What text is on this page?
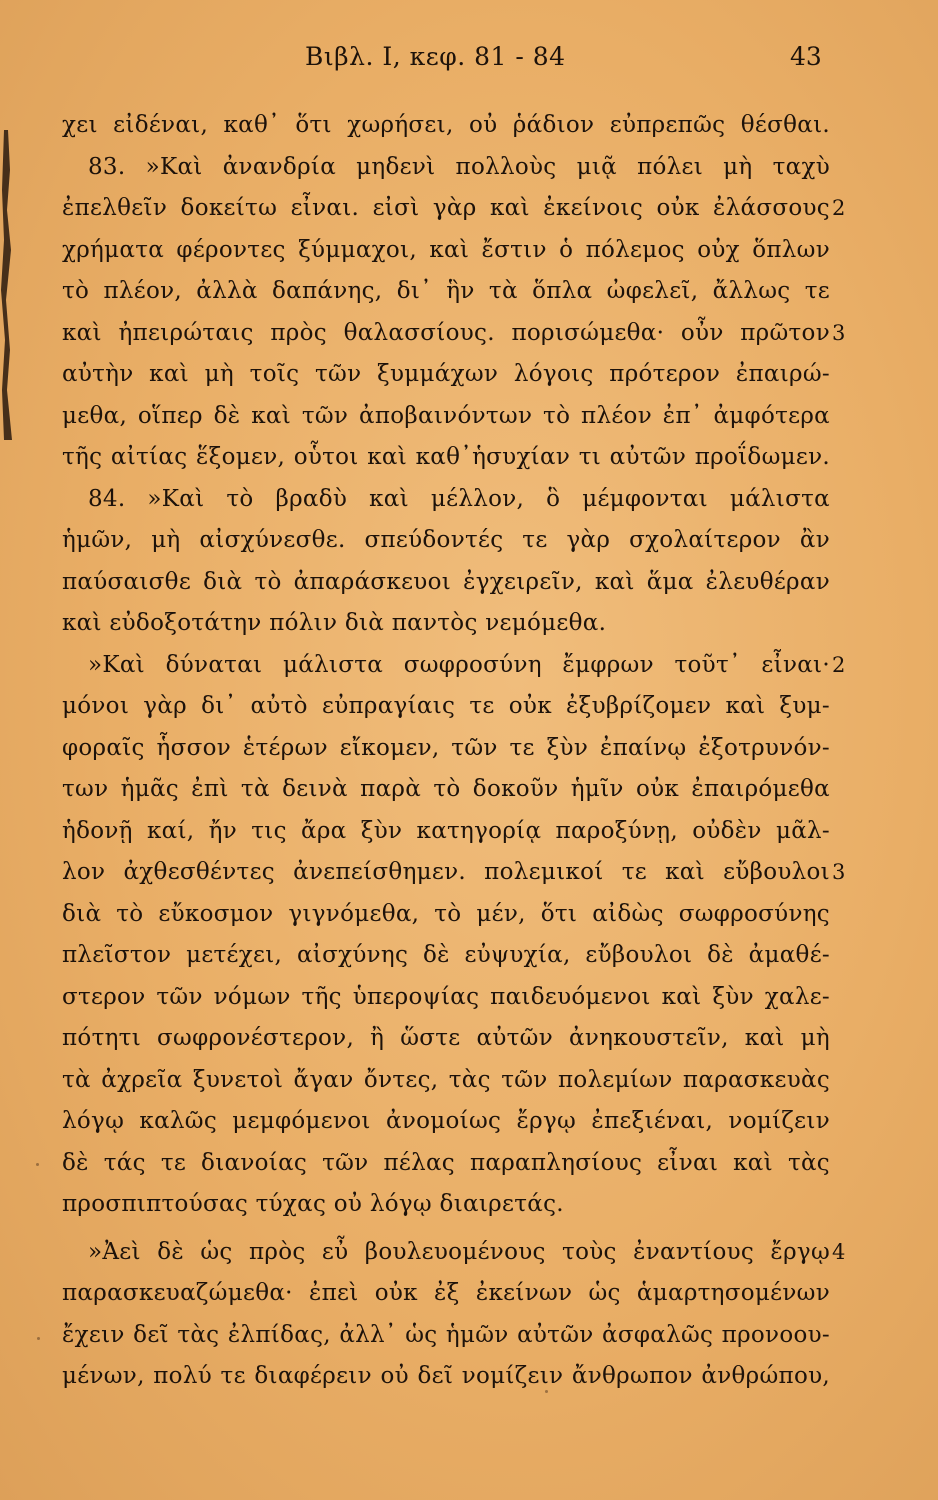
Βιβλ. Ι, κεφ. 81 - 84	43
χει εἰδέναι, καθ᾿ ὅτι χωρήσει, οὐ ῥάδιον εὐπρεπῶς θέσθαι.
83. »Καὶ ἀνανδρία μηδενὶ πολλοὺς μιᾷ πόλει μὴ ταχὺ
ἐπελθεῖν δοκείτω εἶναι. εἰσὶ γὰρ καὶ ἐκείνοις οὐκ ἐλάσσους
χρήματα φέροντες ξύμμαχοι, καὶ ἔστιν ὁ πόλεμος οὐχ ὅπλων
τὸ πλέον, ἀλλὰ δαπάνης, δι᾿ ἣν τὰ ὅπλα ὠφελεῖ, ἄλλως τε
καὶ ἠπειρώταις πρὸς θαλασσίους. πορισώμεθα· οὖν πρῶτον
αὐτὴν καὶ μὴ τοῖς τῶν ξυμμάχων λόγοις πρότερον ἐπαιρώ-
μεθα, οἵπερ δὲ καὶ τῶν ἀποβαινόντων τὸ πλέον ἐπ᾿ ἀμφότερα
τῆς αἰτίας ἕξομεν, οὗτοι καὶ καθ᾿ἡσυχίαν τι αὐτῶν προΐδωμεν.
84. »Καὶ τὸ βραδὺ καὶ μέλλον, ὃ μέμφονται μάλιστα
ἡμῶν, μὴ αἰσχύνεσθε. σπεύδοντές τε γὰρ σχολαίτερον ἂν
παύσαισθε διὰ τὸ ἀπαράσκευοι ἐγχειρεῖν, καὶ ἅμα ἐλευθέραν
καὶ εὐδοξοτάτην πόλιν διὰ παντὸς νεμόμεθα.
»Καὶ δύναται μάλιστα σωφροσύνη ἔμφρων τοῦτ᾿ εἶναι·
μόνοι γὰρ δι᾿ αὐτὸ εὐπραγίαις τε οὐκ ἐξυβρίζομεν καὶ ξυμ-
φοραῖς ἧσσον ἑτέρων εἴκομεν, τῶν τε ξὺν ἐπαίνῳ ἐξοτρυνόν-
των ἡμᾶς ἐπὶ τὰ δεινὰ παρὰ τὸ δοκοῦν ἡμῖν οὐκ ἐπαιρόμεθα
ἡδονῇ καί, ἤν τις ἄρα ξὺν κατηγορίᾳ παροξύνῃ, οὐδὲν μᾶλ-
λον ἀχθεσθέντες ἀνεπείσθημεν. πολεμικοί τε καὶ εὔβουλοι
διὰ τὸ εὔκοσμον γιγνόμεθα, τὸ μέν, ὅτι αἰδὼς σωφροσύνης
πλεῖστον μετέχει, αἰσχύνης δὲ εὐψυχία, εὔβουλοι δὲ ἀμαθέ-
στερον τῶν νόμων τῆς ὑπεροψίας παιδευόμενοι καὶ ξὺν χαλε-
πότητι σωφρονέστερον, ἢ ὥστε αὐτῶν ἀνηκουστεῖν, καὶ μὴ
τὰ ἀχρεῖα ξυνετοὶ ἄγαν ὄντες, τὰς τῶν πολεμίων παρασκευὰς
λόγῳ καλῶς μεμφόμενοι ἀνομοίως ἔργῳ ἐπεξιέναι, νομίζειν
δὲ τάς τε διανοίας τῶν πέλας παραπλησίους εἶναι καὶ τὰς
προσπιπτούσας τύχας οὐ λόγῳ διαιρετάς.
»Ἀεὶ δὲ ὡς πρὸς εὖ βουλευομένους τοὺς ἐναντίους ἔργῳ
παρασκευαζώμεθα· ἐπεὶ οὐκ ἐξ ἐκείνων ὡς ἁμαρτησομένων
ἔχειν δεῖ τὰς ἐλπίδας, ἀλλ᾿ ὡς ἡμῶν αὐτῶν ἀσφαλῶς προνοου-
μένων, πολύ τε διαφέρειν οὐ δεῖ νομίζειν ἄνθρωπον ἀνθρώπου,
2
3
2
3
4
